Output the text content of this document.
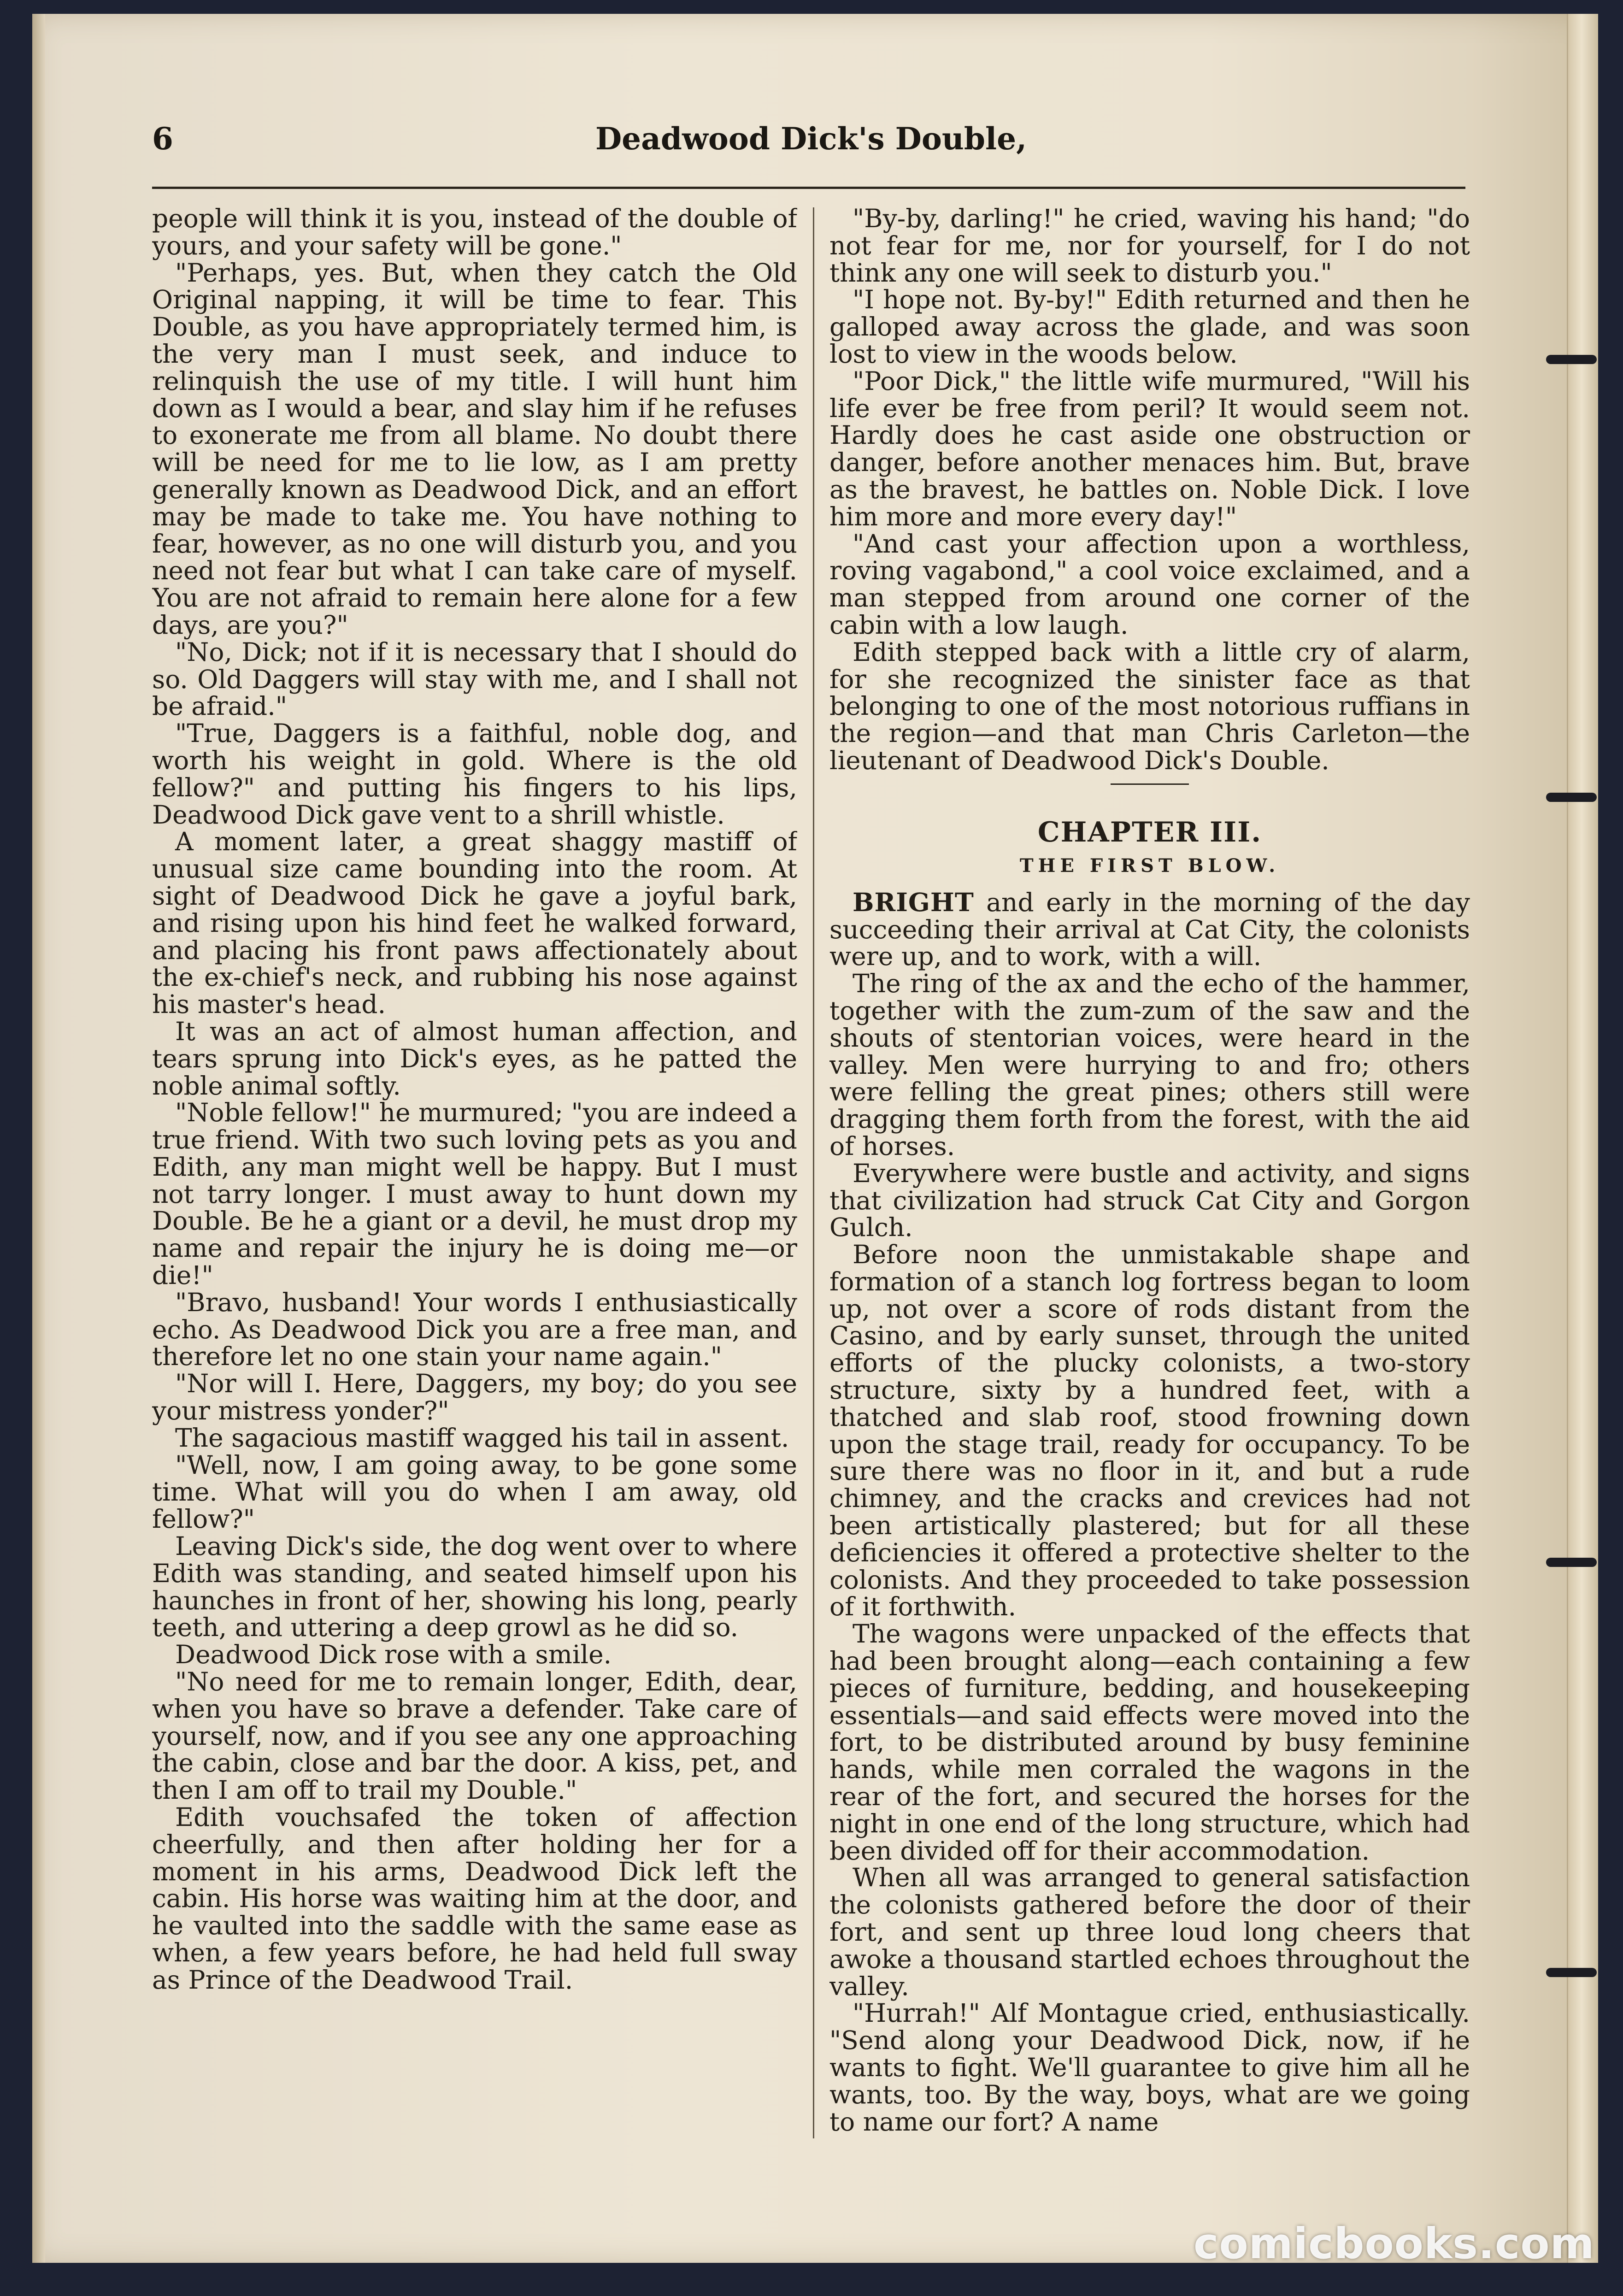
6	Deadwood Dick's Double,

people will think it is you, instead of the double of yours, and your safety will be gone."

"Perhaps, yes. But, when they catch the Old Original napping, it will be time to fear. This Double, as you have appropriately termed him, is the very man I must seek, and induce to relinquish the use of my title. I will hunt him down as I would a bear, and slay him if he refuses to exonerate me from all blame. No doubt there will be need for me to lie low, as I am pretty generally known as Deadwood Dick, and an effort may be made to take me. You have nothing to fear, however, as no one will disturb you, and you need not fear but what I can take care of myself. You are not afraid to remain here alone for a few days, are you?"

"No, Dick; not if it is necessary that I should do so. Old Daggers will stay with me, and I shall not be afraid."

"True, Daggers is a faithful, noble dog, and worth his weight in gold. Where is the old fellow?" and putting his fingers to his lips, Deadwood Dick gave vent to a shrill whistle.

A moment later, a great shaggy mastiff of unusual size came bounding into the room. At sight of Deadwood Dick he gave a joyful bark, and rising upon his hind feet he walked forward, and placing his front paws affectionately about the ex-chief's neck, and rubbing his nose against his master's head.

It was an act of almost human affection, and tears sprung into Dick's eyes, as he patted the noble animal softly.

"Noble fellow!" he murmured; "you are indeed a true friend. With two such loving pets as you and Edith, any man might well be happy. But I must not tarry longer. I must away to hunt down my Double. Be he a giant or a devil, he must drop my name and repair the injury he is doing me—or die!"

"Bravo, husband! Your words I enthusiastically echo. As Deadwood Dick you are a free man, and therefore let no one stain your name again."

"Nor will I. Here, Daggers, my boy; do you see your mistress yonder?"

The sagacious mastiff wagged his tail in assent.

"Well, now, I am going away, to be gone some time. What will you do when I am away, old fellow?"

Leaving Dick's side, the dog went over to where Edith was standing, and seated himself upon his haunches in front of her, showing his long, pearly teeth, and uttering a deep growl as he did so.

Deadwood Dick rose with a smile.

"No need for me to remain longer, Edith, dear, when you have so brave a defender. Take care of yourself, now, and if you see any one approaching the cabin, close and bar the door. A kiss, pet, and then I am off to trail my Double."

Edith vouchsafed the token of affection cheerfully, and then after holding her for a moment in his arms, Deadwood Dick left the cabin. His horse was waiting him at the door, and he vaulted into the saddle with the same ease as when, a few years before, he had held full sway as Prince of the Deadwood Trail.

"By-by, darling!" he cried, waving his hand; "do not fear for me, nor for yourself, for I do not think any one will seek to disturb you."

"I hope not. By-by!" Edith returned and then he galloped away across the glade, and was soon lost to view in the woods below.

"Poor Dick," the little wife murmured, "Will his life ever be free from peril? It would seem not. Hardly does he cast aside one obstruction or danger, before another menaces him. But, brave as the bravest, he battles on. Noble Dick. I love him more and more every day!"

"And cast your affection upon a worthless, roving vagabond," a cool voice exclaimed, and a man stepped from around one corner of the cabin with a low laugh.

Edith stepped back with a little cry of alarm, for she recognized the sinister face as that belonging to one of the most notorious ruffians in the region—and that man Chris Carleton—the lieutenant of Deadwood Dick's Double.

CHAPTER III.
THE FIRST BLOW.

BRIGHT and early in the morning of the day succeeding their arrival at Cat City, the colonists were up, and to work, with a will.

The ring of the ax and the echo of the hammer, together with the zum-zum of the saw and the shouts of stentorian voices, were heard in the valley. Men were hurrying to and fro; others were felling the great pines; others still were dragging them forth from the forest, with the aid of horses.

Everywhere were bustle and activity, and signs that civilization had struck Cat City and Gorgon Gulch.

Before noon the unmistakable shape and formation of a stanch log fortress began to loom up, not over a score of rods distant from the Casino, and by early sunset, through the united efforts of the plucky colonists, a two-story structure, sixty by a hundred feet, with a thatched and slab roof, stood frowning down upon the stage trail, ready for occupancy. To be sure there was no floor in it, and but a rude chimney, and the cracks and crevices had not been artistically plastered; but for all these deficiencies it offered a protective shelter to the colonists. And they proceeded to take possession of it forthwith.

The wagons were unpacked of the effects that had been brought along—each containing a few pieces of furniture, bedding, and housekeeping essentials—and said effects were moved into the fort, to be distributed around by busy feminine hands, while men corraled the wagons in the rear of the fort, and secured the horses for the night in one end of the long structure, which had been divided off for their accommodation.

When all was arranged to general satisfaction the colonists gathered before the door of their fort, and sent up three loud long cheers that awoke a thousand startled echoes throughout the valley.

"Hurrah!" Alf Montague cried, enthusiastically. "Send along your Deadwood Dick, now, if he wants to fight. We'll guarantee to give him all he wants, too. By the way, boys, what are we going to name our fort? A name

comicbooks.com
